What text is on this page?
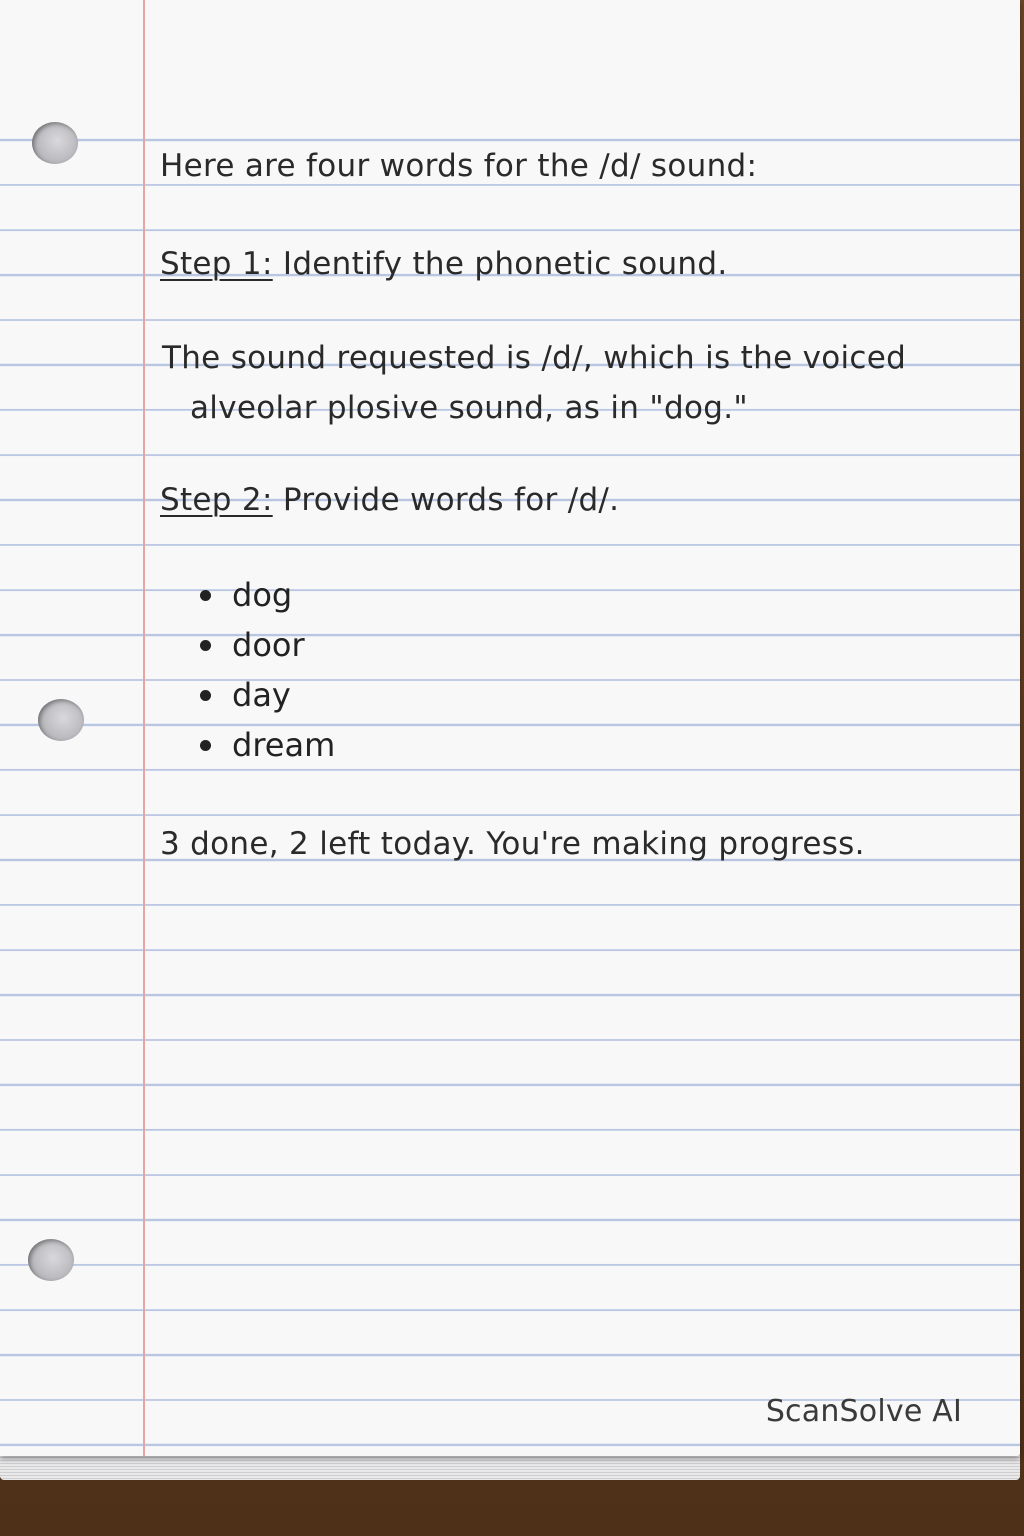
Here are four words for the /d/ sound:
Step 1: Identify the phonetic sound.
The sound requested is /d/, which is the voiced
alveolar plosive sound, as in "dog."
Step 2: Provide words for /d/.
dog
door
day
dream
3 done, 2 left today. You're making progress.
ScanSolve AI
